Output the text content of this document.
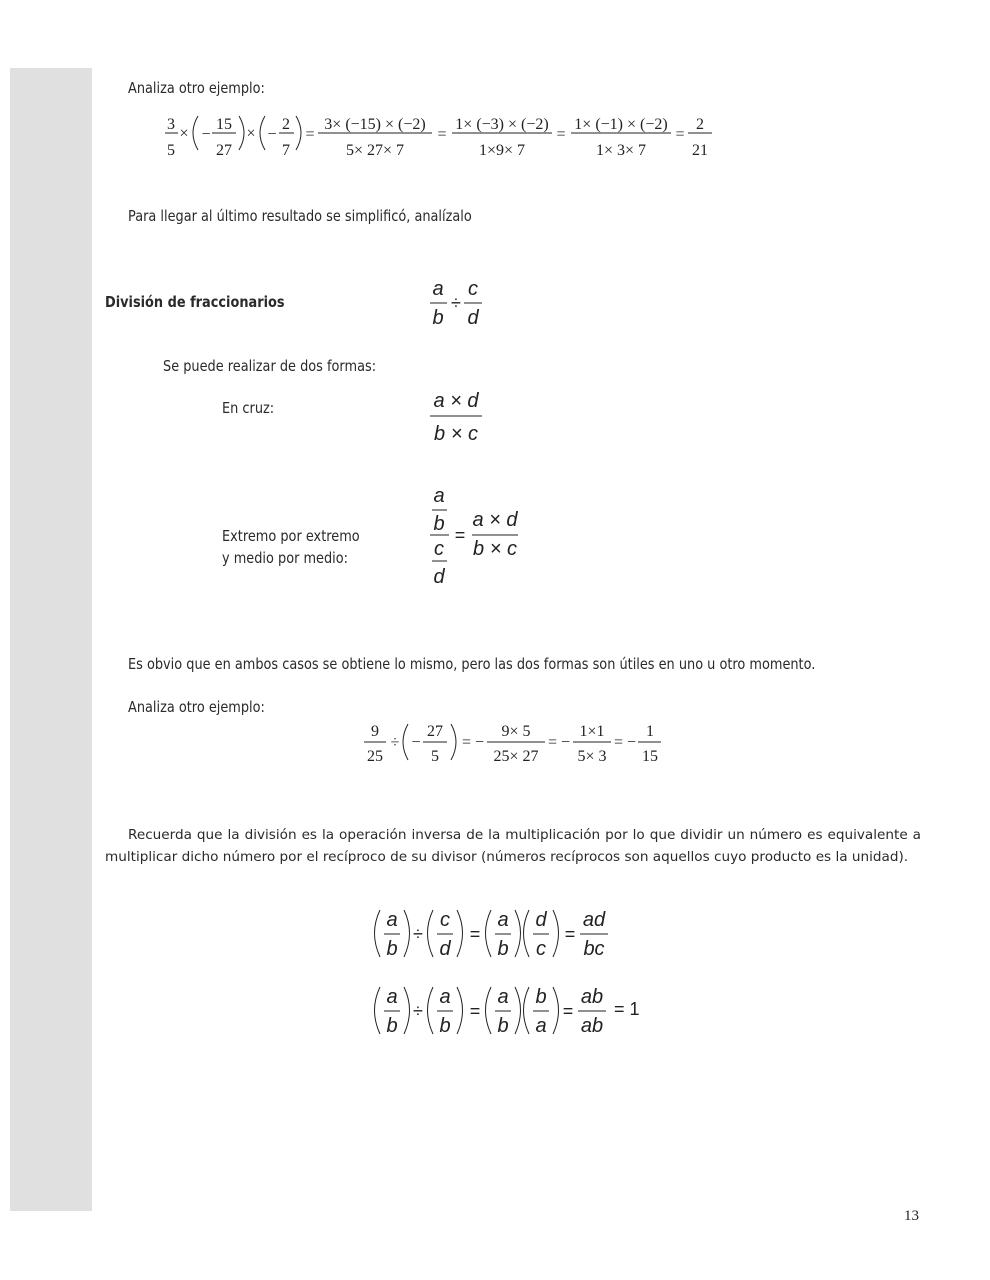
Analiza otro ejemplo:
Para llegar al último resultado se simplificó, analízalo
División de fraccionarios
Se puede realizar de dos formas:
En cruz:
Extremo por extremo
y medio por medio:
Es obvio que en ambos casos se obtiene lo mismo, pero las dos formas son útiles en uno u otro momento.
Analiza otro ejemplo:
Recuerda que la división es la operación inversa de la multiplicación por lo que dividir un número es equivalente a multiplicar dicho número por el recíproco de su divisor (números recíprocos son aquellos cuyo producto es la unidad).
13
3
5
× −
15
27
× −
2
7
=
3× (−15) × (−2)
5× 27× 7
=
1× (−3) × (−2)
1×9× 7
=
1× (−1) × (−2)
1× 3× 7
=
2
21
a
b
÷
c
d
a × d
b × c
a
b
c
d
=
a × d
b × c
9
25
÷ −
27
5
= −
9× 5
25× 27
= −
1×1
5× 3
= −
1
15
a
b
÷
c
d
=
a
b
d
c
=
ad
bc
a
b
÷
a
b
=
a
b
b
a
=
ab
ab
= 1
